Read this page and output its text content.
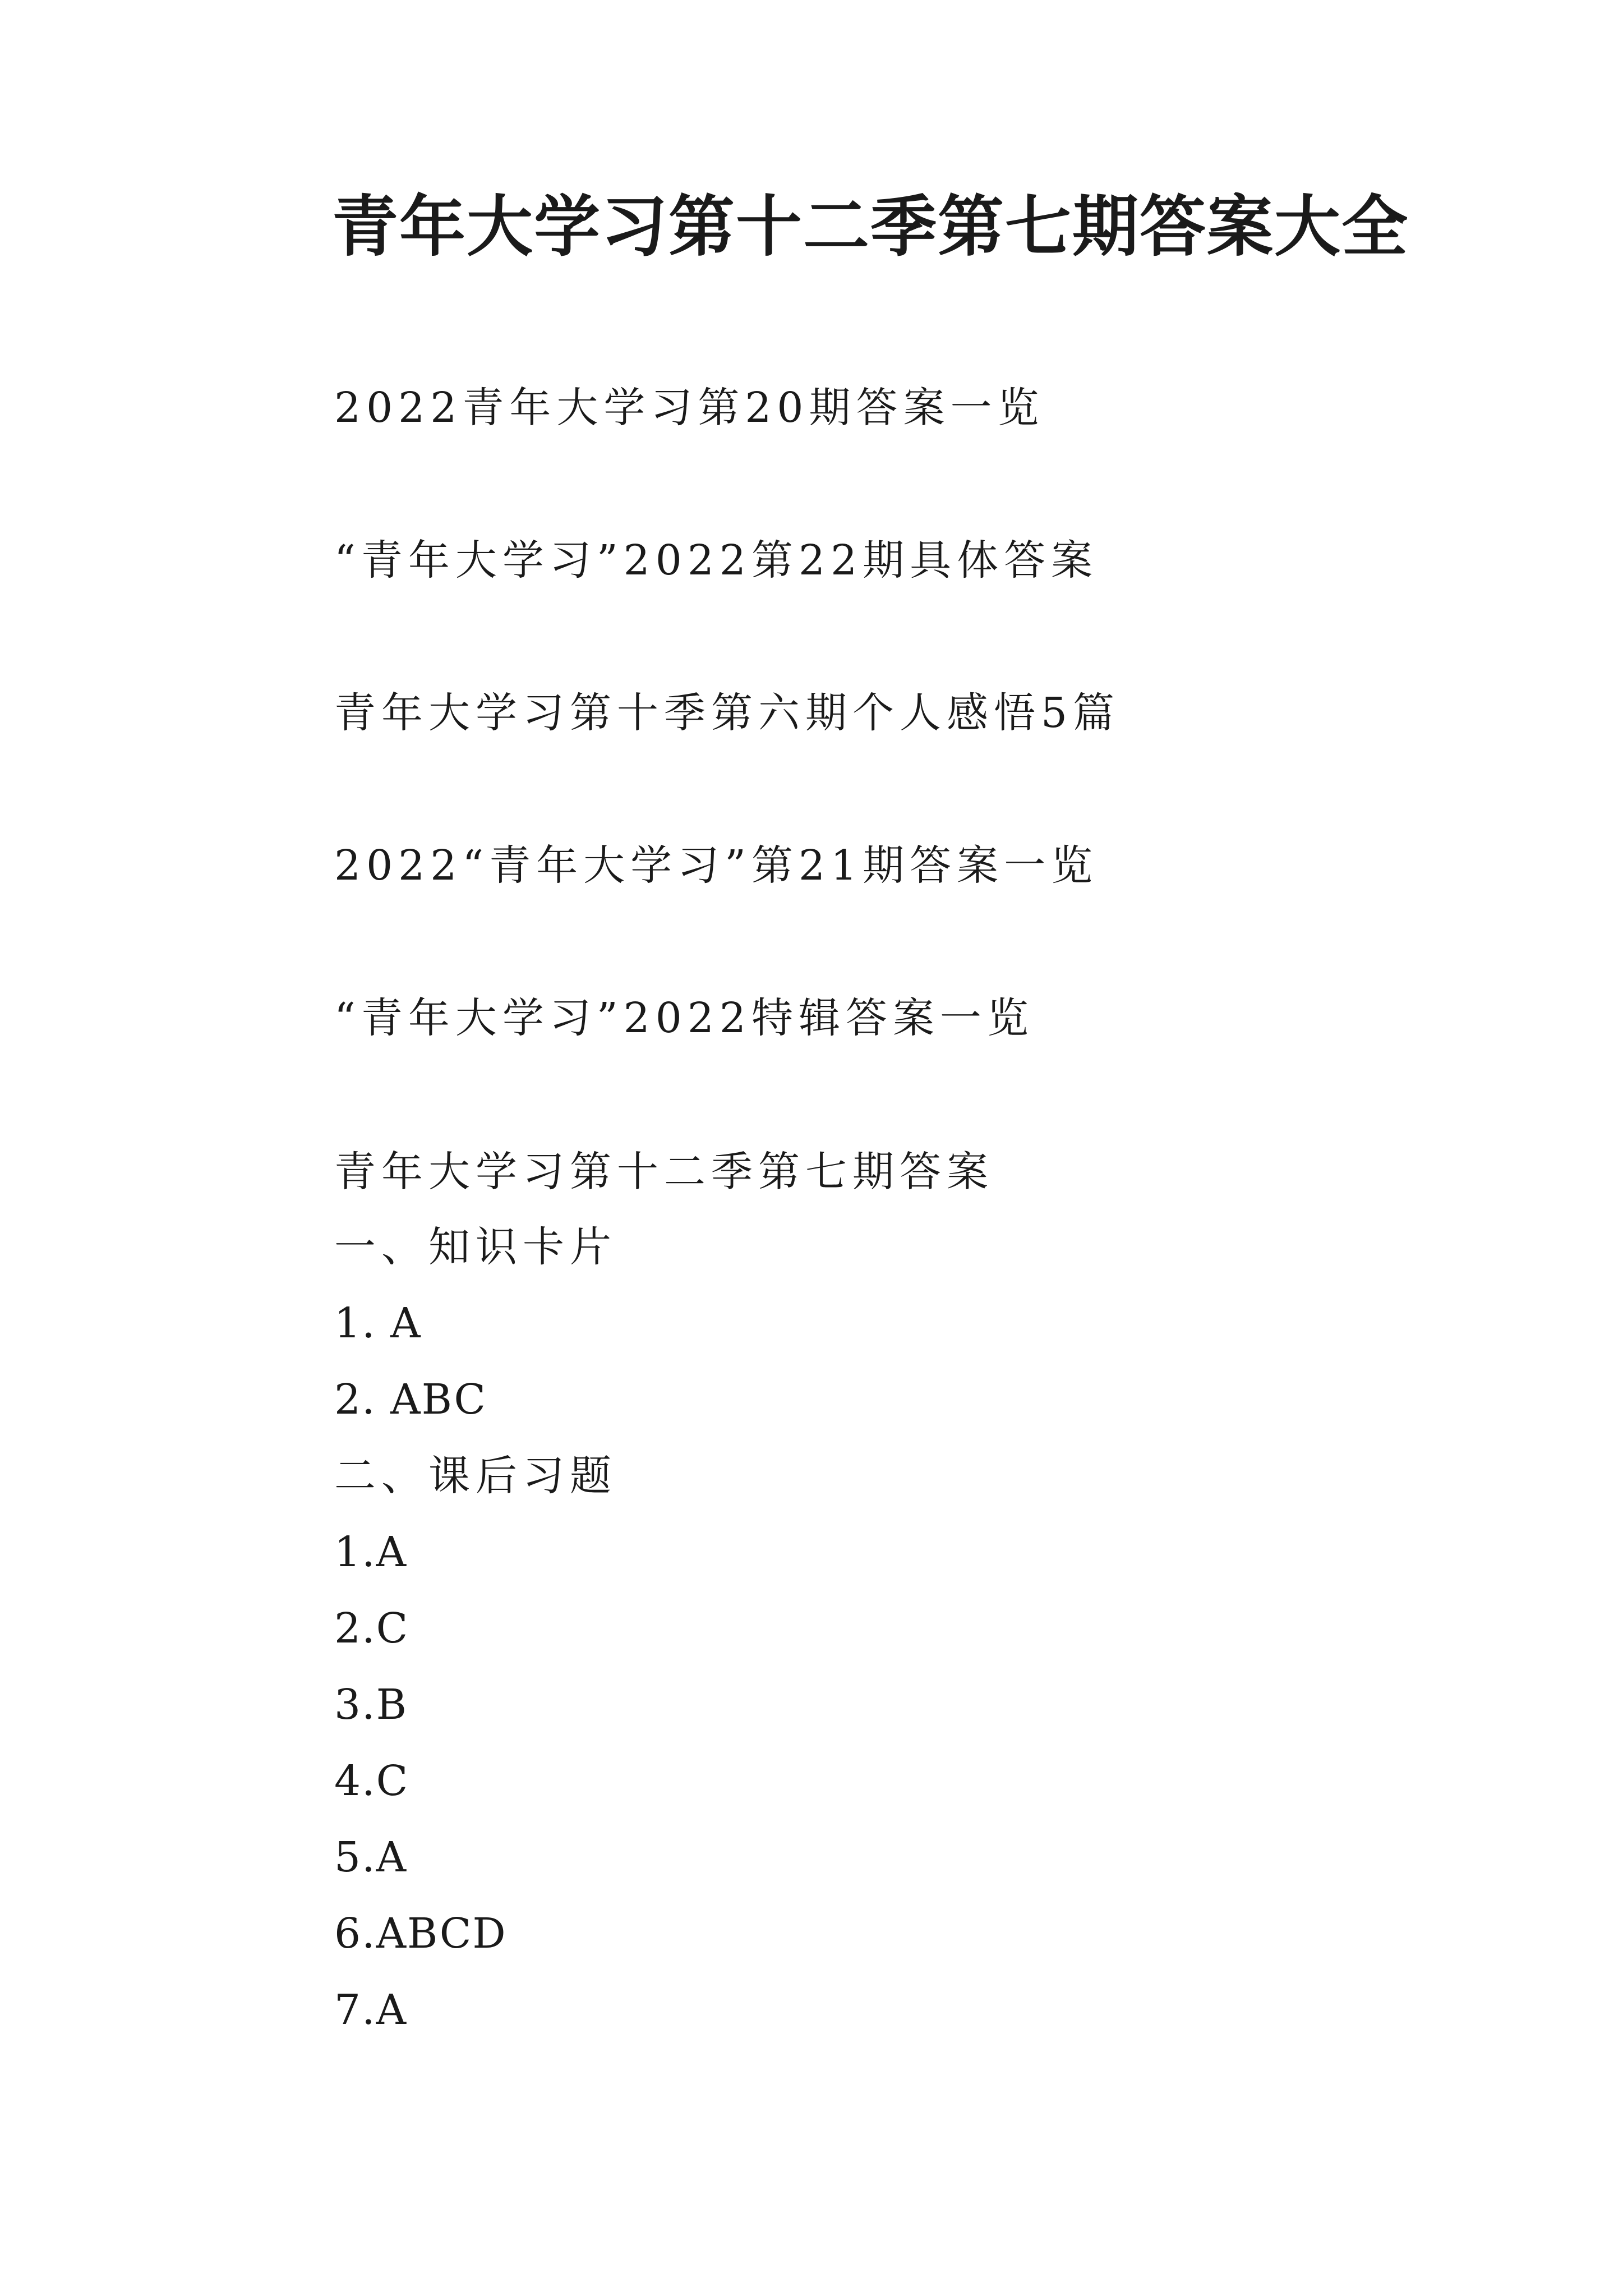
青年大学习第十二季第七期答案大全
2022青年大学习第20期答案一览
“青年大学习”2022第22期具体答案
青年大学习第十季第六期个人感悟5篇
2022“青年大学习”第21期答案一览
“青年大学习”2022特辑答案一览
青年大学习第十二季第七期答案
一、知识卡片
1. A
2. ABC
二、课后习题
1.A
2.C
3.B
4.C
5.A
6.ABCD
7.A
